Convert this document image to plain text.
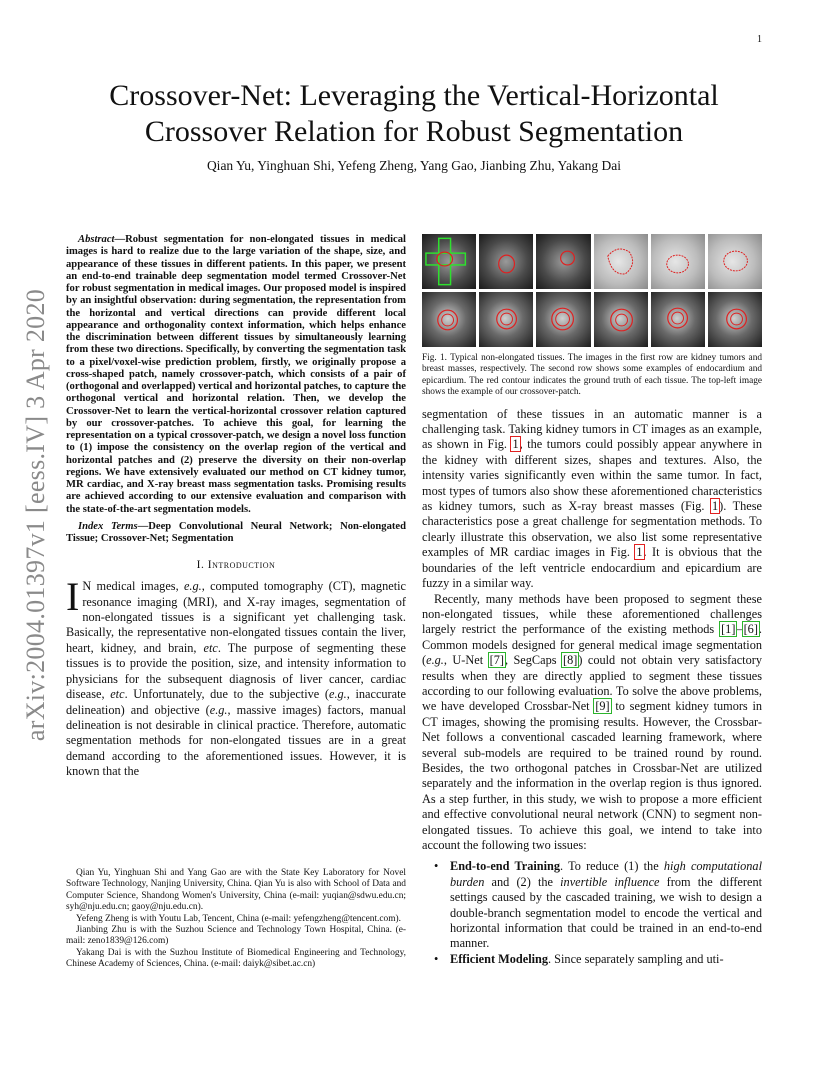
1
arXiv:2004.01397v1 [eess.IV] 3 Apr 2020
Crossover-Net: Leveraging the Vertical-Horizontal Crossover Relation for Robust Segmentation
Qian Yu, Yinghuan Shi, Yefeng Zheng, Yang Gao, Jianbing Zhu, Yakang Dai

Abstract—Robust segmentation for non-elongated tissues in medical images is hard to realize due to the large variation of the shape, size, and appearance of these tissues in different patients. In this paper, we present an end-to-end trainable deep segmentation model termed Crossover-Net for robust segmentation in medical images. Our proposed model is inspired by an insightful observation: during segmentation, the representation from the horizontal and vertical directions can provide different local appearance and orthogonality context information, which helps enhance the discrimination between different tissues by simultaneously learning from these two directions. Specifically, by converting the segmentation task to a pixel/voxel-wise prediction problem, firstly, we originally propose a cross-shaped patch, namely crossover-patch, which consists of a pair of (orthogonal and overlapped) vertical and horizontal patches, to capture the orthogonal vertical and horizontal relation. Then, we develop the Crossover-Net to learn the vertical-horizontal crossover relation captured by our crossover-patches. To achieve this goal, for learning the representation on a typical crossover-patch, we design a novel loss function to (1) impose the consistency on the overlap region of the vertical and horizontal patches and (2) preserve the diversity on their non-overlap regions. We have extensively evaluated our method on CT kidney tumor, MR cardiac, and X-ray breast mass segmentation tasks. Promising results are achieved according to our extensive evaluation and comparison with the state-of-the-art segmentation models.

Index Terms—Deep Convolutional Neural Network; Non-elongated Tissue; Crossover-Net; Segmentation

I. Introduction

I N medical images, e.g., computed tomography (CT), magnetic resonance imaging (MRI), and X-ray images, segmentation of non-elongated tissues is a significant yet challenging task. Basically, the representative non-elongated tissues contain the liver, heart, kidney, and brain, etc. The purpose of segmenting these tissues is to provide the position, size, and intensity information to physicians for the subsequent diagnosis of liver cancer, cardiac disease, etc. Unfortunately, due to the subjective (e.g., inaccurate delineation) and objective (e.g., massive images) factors, manual delineation is not desirable in clinical practice. Therefore, automatic segmentation methods for non-elongated tissues are in a great demand according to the aforementioned issues. However, it is known that the

Qian Yu, Yinghuan Shi and Yang Gao are with the State Key Laboratory for Novel Software Technology, Nanjing University, China. Qian Yu is also with School of Data and Computer Science, Shandong Women's University, China (e-mail: yuqian@sdwu.edu.cn; syh@nju.edu.cn; gaoy@nju.edu.cn).

Yefeng Zheng is with Youtu Lab, Tencent, China (e-mail: yefengzheng@tencent.com).

Jianbing Zhu is with the Suzhou Science and Technology Town Hospital, China. (e-mail: zeno1839@126.com)

Yakang Dai is with the Suzhou Institute of Biomedical Engineering and Technology, Chinese Academy of Sciences, China. (e-mail: daiyk@sibet.ac.cn)

Fig. 1. Typical non-elongated tissues. The images in the first row are kidney tumors and breast masses, respectively. The second row shows some examples of endocardium and epicardium. The red contour indicates the ground truth of each tissue. The top-left image shows the example of our crossover-patch.

segmentation of these tissues in an automatic manner is a challenging task. Taking kidney tumors in CT images as an example, as shown in Fig. 1, the tumors could possibly appear anywhere in the kidney with different sizes, shapes and textures. Also, the intensity varies significantly even within the same tumor. In fact, most types of tumors also show these aforementioned characteristics as kidney tumors, such as X-ray breast masses (Fig. 1). These characteristics pose a great challenge for segmentation methods. To clearly illustrate this observation, we also list some representative examples of MR cardiac images in Fig. 1. It is obvious that the boundaries of the left ventricle endocardium and epicardium are fuzzy in a similar way.

Recently, many methods have been proposed to segment these non-elongated tissues, while these aforementioned challenges largely restrict the performance of the existing methods [1]–[6]. Common models designed for general medical image segmentation (e.g., U-Net [7], SegCaps [8]) could not obtain very satisfactory results when they are directly applied to segment these tissues according to our following evaluation. To solve the above problems, we have developed Crossbar-Net [9] to segment kidney tumors in CT images, showing the promising results. However, the Crossbar-Net follows a conventional cascaded learning framework, where several sub-models are required to be trained round by round. Besides, the two orthogonal patches in Crossbar-Net are utilized separately and the information in the overlap region is thus ignored. As a step further, in this study, we wish to propose a more efficient and effective convolutional neural network (CNN) to segment non-elongated tissues. To achieve this goal, we intend to take into account the following two issues:

• End-to-end Training. To reduce (1) the high computational burden and (2) the invertible influence from the different settings caused by the cascaded training, we wish to design a double-branch segmentation model to encode the vertical and horizontal information that could be trained in an end-to-end manner.
• Efficient Modeling. Since separately sampling and uti-
